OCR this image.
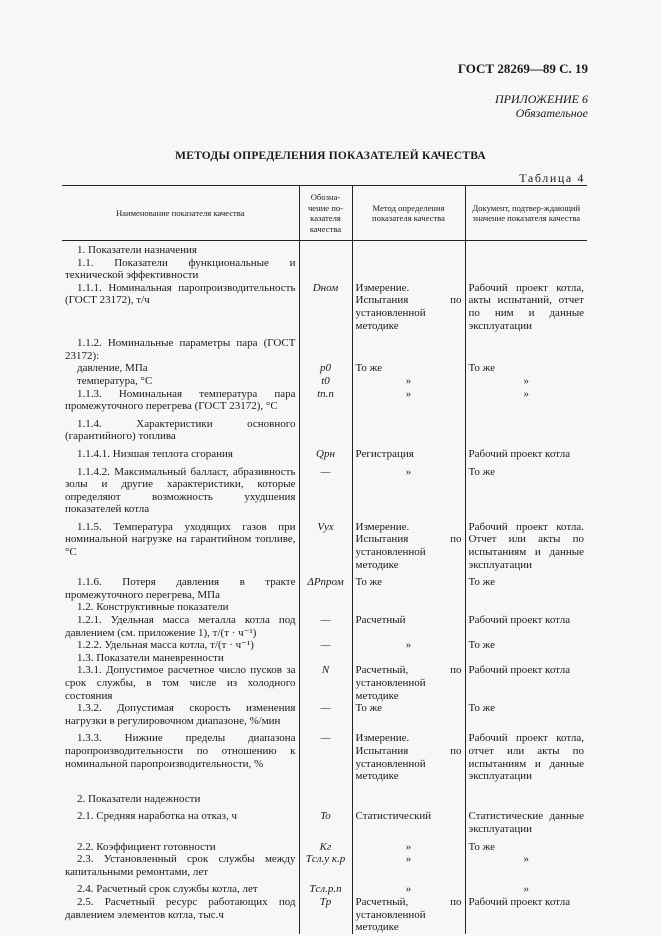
ГОСТ 28269—89 С. 19
ПРИЛОЖЕНИЕ 6
Обязательное
МЕТОДЫ ОПРЕДЕЛЕНИЯ ПОКАЗАТЕЛЕЙ КАЧЕСТВА
Таблица 4
Наименование показателя качества	Обозна-чение по-казателя качества	Метод определения показателя качества	Документ, подтвер-ждающий значение показателя качества
1. Показатели назначения			
1.1. Показатели функциональные и технической эффективности			
1.1.1. Номинальная паропроизводительность (ГОСТ 23172), т/ч	Dном	Измерение. Испытания по установленной методике	Рабочий проект котла, акты испытаний, отчет по ним и данные эксплуатации
1.1.2. Номинальные параметры пара (ГОСТ 23172):			
давление, МПа	p0	То же	То же
температура, °С	t0	»	»
1.1.3. Номинальная температура пара промежуточного перегрева (ГОСТ 23172), °С	tп.п	»	»
1.1.4. Характеристики основного (гарантийного) топлива			
1.1.4.1. Низшая теплота сгорания	Qрн	Регистрация	Рабочий проект котла
1.1.4.2. Максимальный балласт, абразивность золы и другие характеристики, которые определяют возможность ухудшения показателей котла	—	»	То же
1.1.5. Температура уходящих газов при номинальной нагрузке на гарантийном топливе, °С	Vух	Измерение. Испытания по установленной методике	Рабочий проект котла. Отчет или акты по испытаниям и данные эксплуатации
1.1.6. Потеря давления в тракте промежуточного перегрева, МПа	ΔPпром	То же	То же
1.2. Конструктивные показатели			
1.2.1. Удельная масса металла котла под давлением (см. приложение 1), т/(т · ч⁻¹)	—	Расчетный	Рабочий проект котла
1.2.2. Удельная масса котла, т/(т · ч⁻¹)	—	»	То же
1.3. Показатели маневренности			
1.3.1. Допустимое расчетное число пусков за срок службы, в том числе из холодного состояния	N	Расчетный, по установленной методике	Рабочий проект котла
1.3.2. Допустимая скорость изменения нагрузки в регулировочном диапазоне, %/мин	—	То же	То же
1.3.3. Нижние пределы диапазона паропроизводительности по отношению к номинальной паропроизводительности, %	—	Измерение. Испытания по установленной методике	Рабочий проект котла, отчет или акты по испытаниям и данные эксплуатации
2. Показатели надежности			
2.1. Средняя наработка на отказ, ч	To	Статистический	Статистические данные эксплуатации
2.2. Коэффициент готовности	Kг	»	То же
2.3. Установленный срок службы между капитальными ремонтами, лет	Tсл.у к.р	»	»
2.4. Расчетный срок службы котла, лет	Tсл.р.п	»	»
2.5. Расчетный ресурс работающих под давлением элементов котла, тыс.ч	Tр	Расчетный, по установленной методике	Рабочий проект котла
